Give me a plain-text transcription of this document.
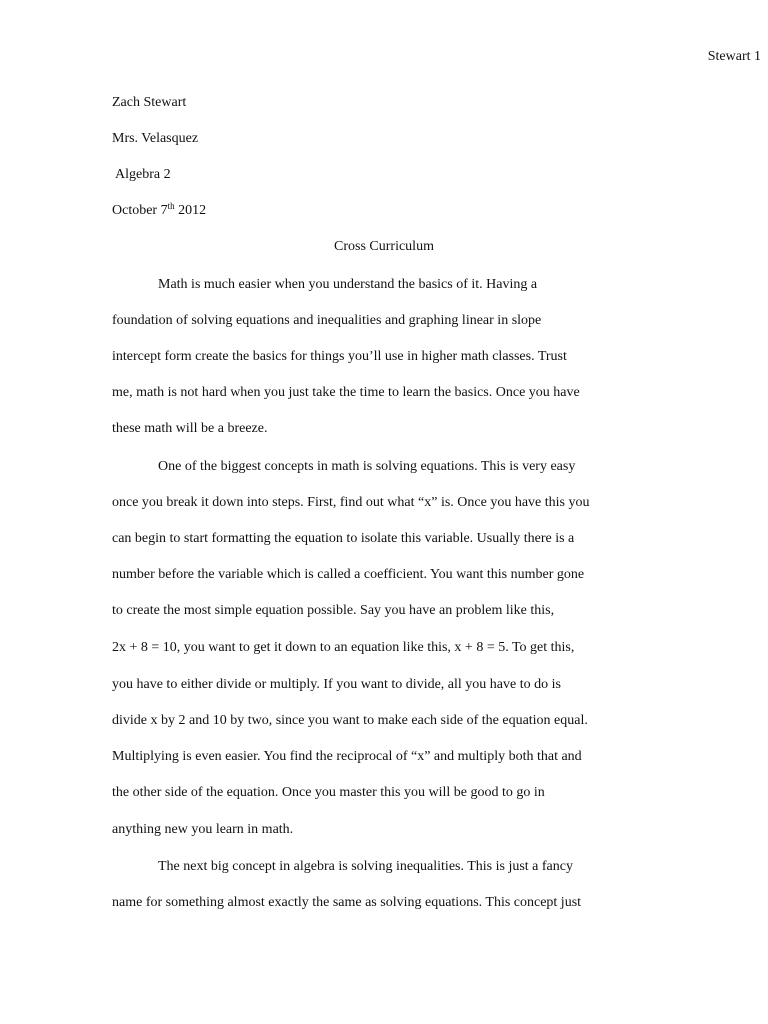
Stewart 1
Zach Stewart
Mrs. Velasquez
Algebra 2
October 7th 2012
Cross Curriculum
Math is much easier when you understand the basics of it. Having a
foundation of solving equations and inequalities and graphing linear in slope
intercept form create the basics for things you’ll use in higher math classes. Trust
me, math is not hard when you just take the time to learn the basics. Once you have
these math will be a breeze.
One of the biggest concepts in math is solving equations. This is very easy
once you break it down into steps. First, find out what “x” is. Once you have this you
can begin to start formatting the equation to isolate this variable. Usually there is a
number before the variable which is called a coefficient. You want this number gone
to create the most simple equation possible. Say you have an problem like this,
2x + 8 = 10, you want to get it down to an equation like this, x + 8 = 5. To get this,
you have to either divide or multiply. If you want to divide, all you have to do is
divide x by 2 and 10 by two, since you want to make each side of the equation equal.
Multiplying is even easier. You find the reciprocal of “x” and multiply both that and
the other side of the equation. Once you master this you will be good to go in
anything new you learn in math.
The next big concept in algebra is solving inequalities. This is just a fancy
name for something almost exactly the same as solving equations. This concept just
